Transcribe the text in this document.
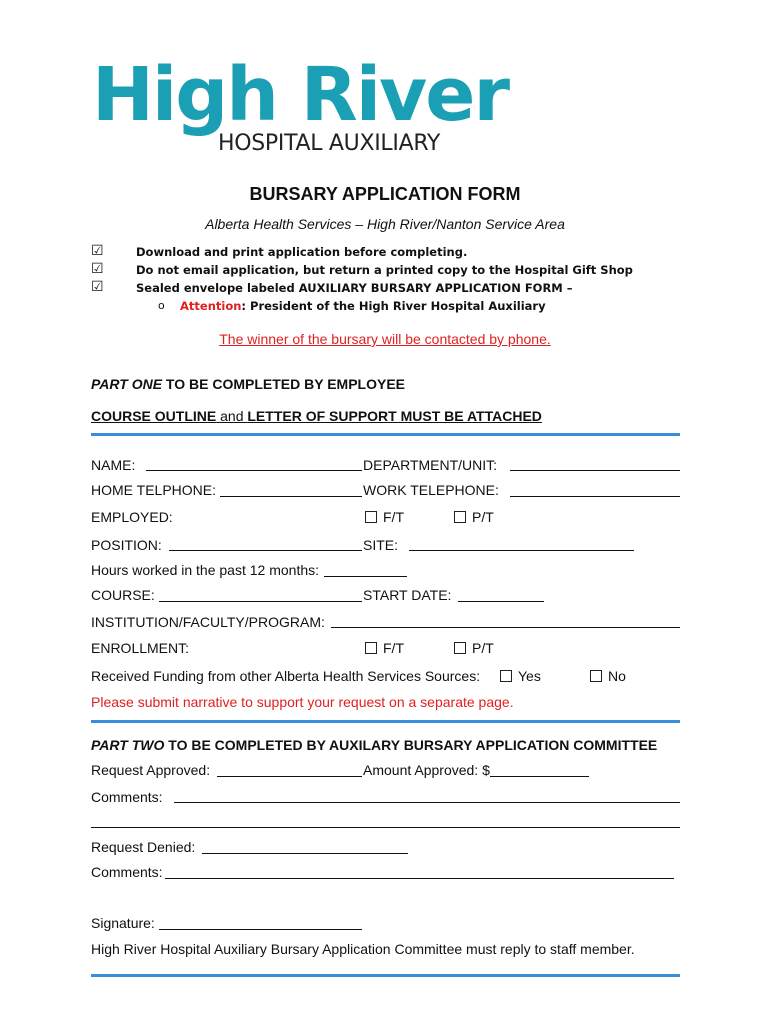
High River
HOSPITAL AUXILIARY
BURSARY APPLICATION FORM
Alberta Health Services – High River/Nanton Service Area
☑	Download and print application before completing.
☑	Do not email application, but return a printed copy to the Hospital Gift Shop
☑	Sealed envelope labeled AUXILIARY BURSARY APPLICATION FORM –
o Attention: President of the High River Hospital Auxiliary
The winner of the bursary will be contacted by phone.
PART ONE TO BE COMPLETED BY EMPLOYEE
COURSE OUTLINE and LETTER OF SUPPORT MUST BE ATTACHED
NAME:	DEPARTMENT/UNIT:
HOME TELPHONE:	WORK TELEPHONE:
EMPLOYED:	F/T	P/T
POSITION:	SITE:
Hours worked in the past 12 months:
COURSE:	START DATE:
INSTITUTION/FACULTY/PROGRAM:
ENROLLMENT:	F/T	P/T
Received Funding from other Alberta Health Services Sources:	Yes	No
Please submit narrative to support your request on a separate page.
PART TWO TO BE COMPLETED BY AUXILARY BURSARY APPLICATION COMMITTEE
Request Approved:	Amount Approved: $
Comments:
Request Denied:
Comments:
Signature:
High River Hospital Auxiliary Bursary Application Committee must reply to staff member.
